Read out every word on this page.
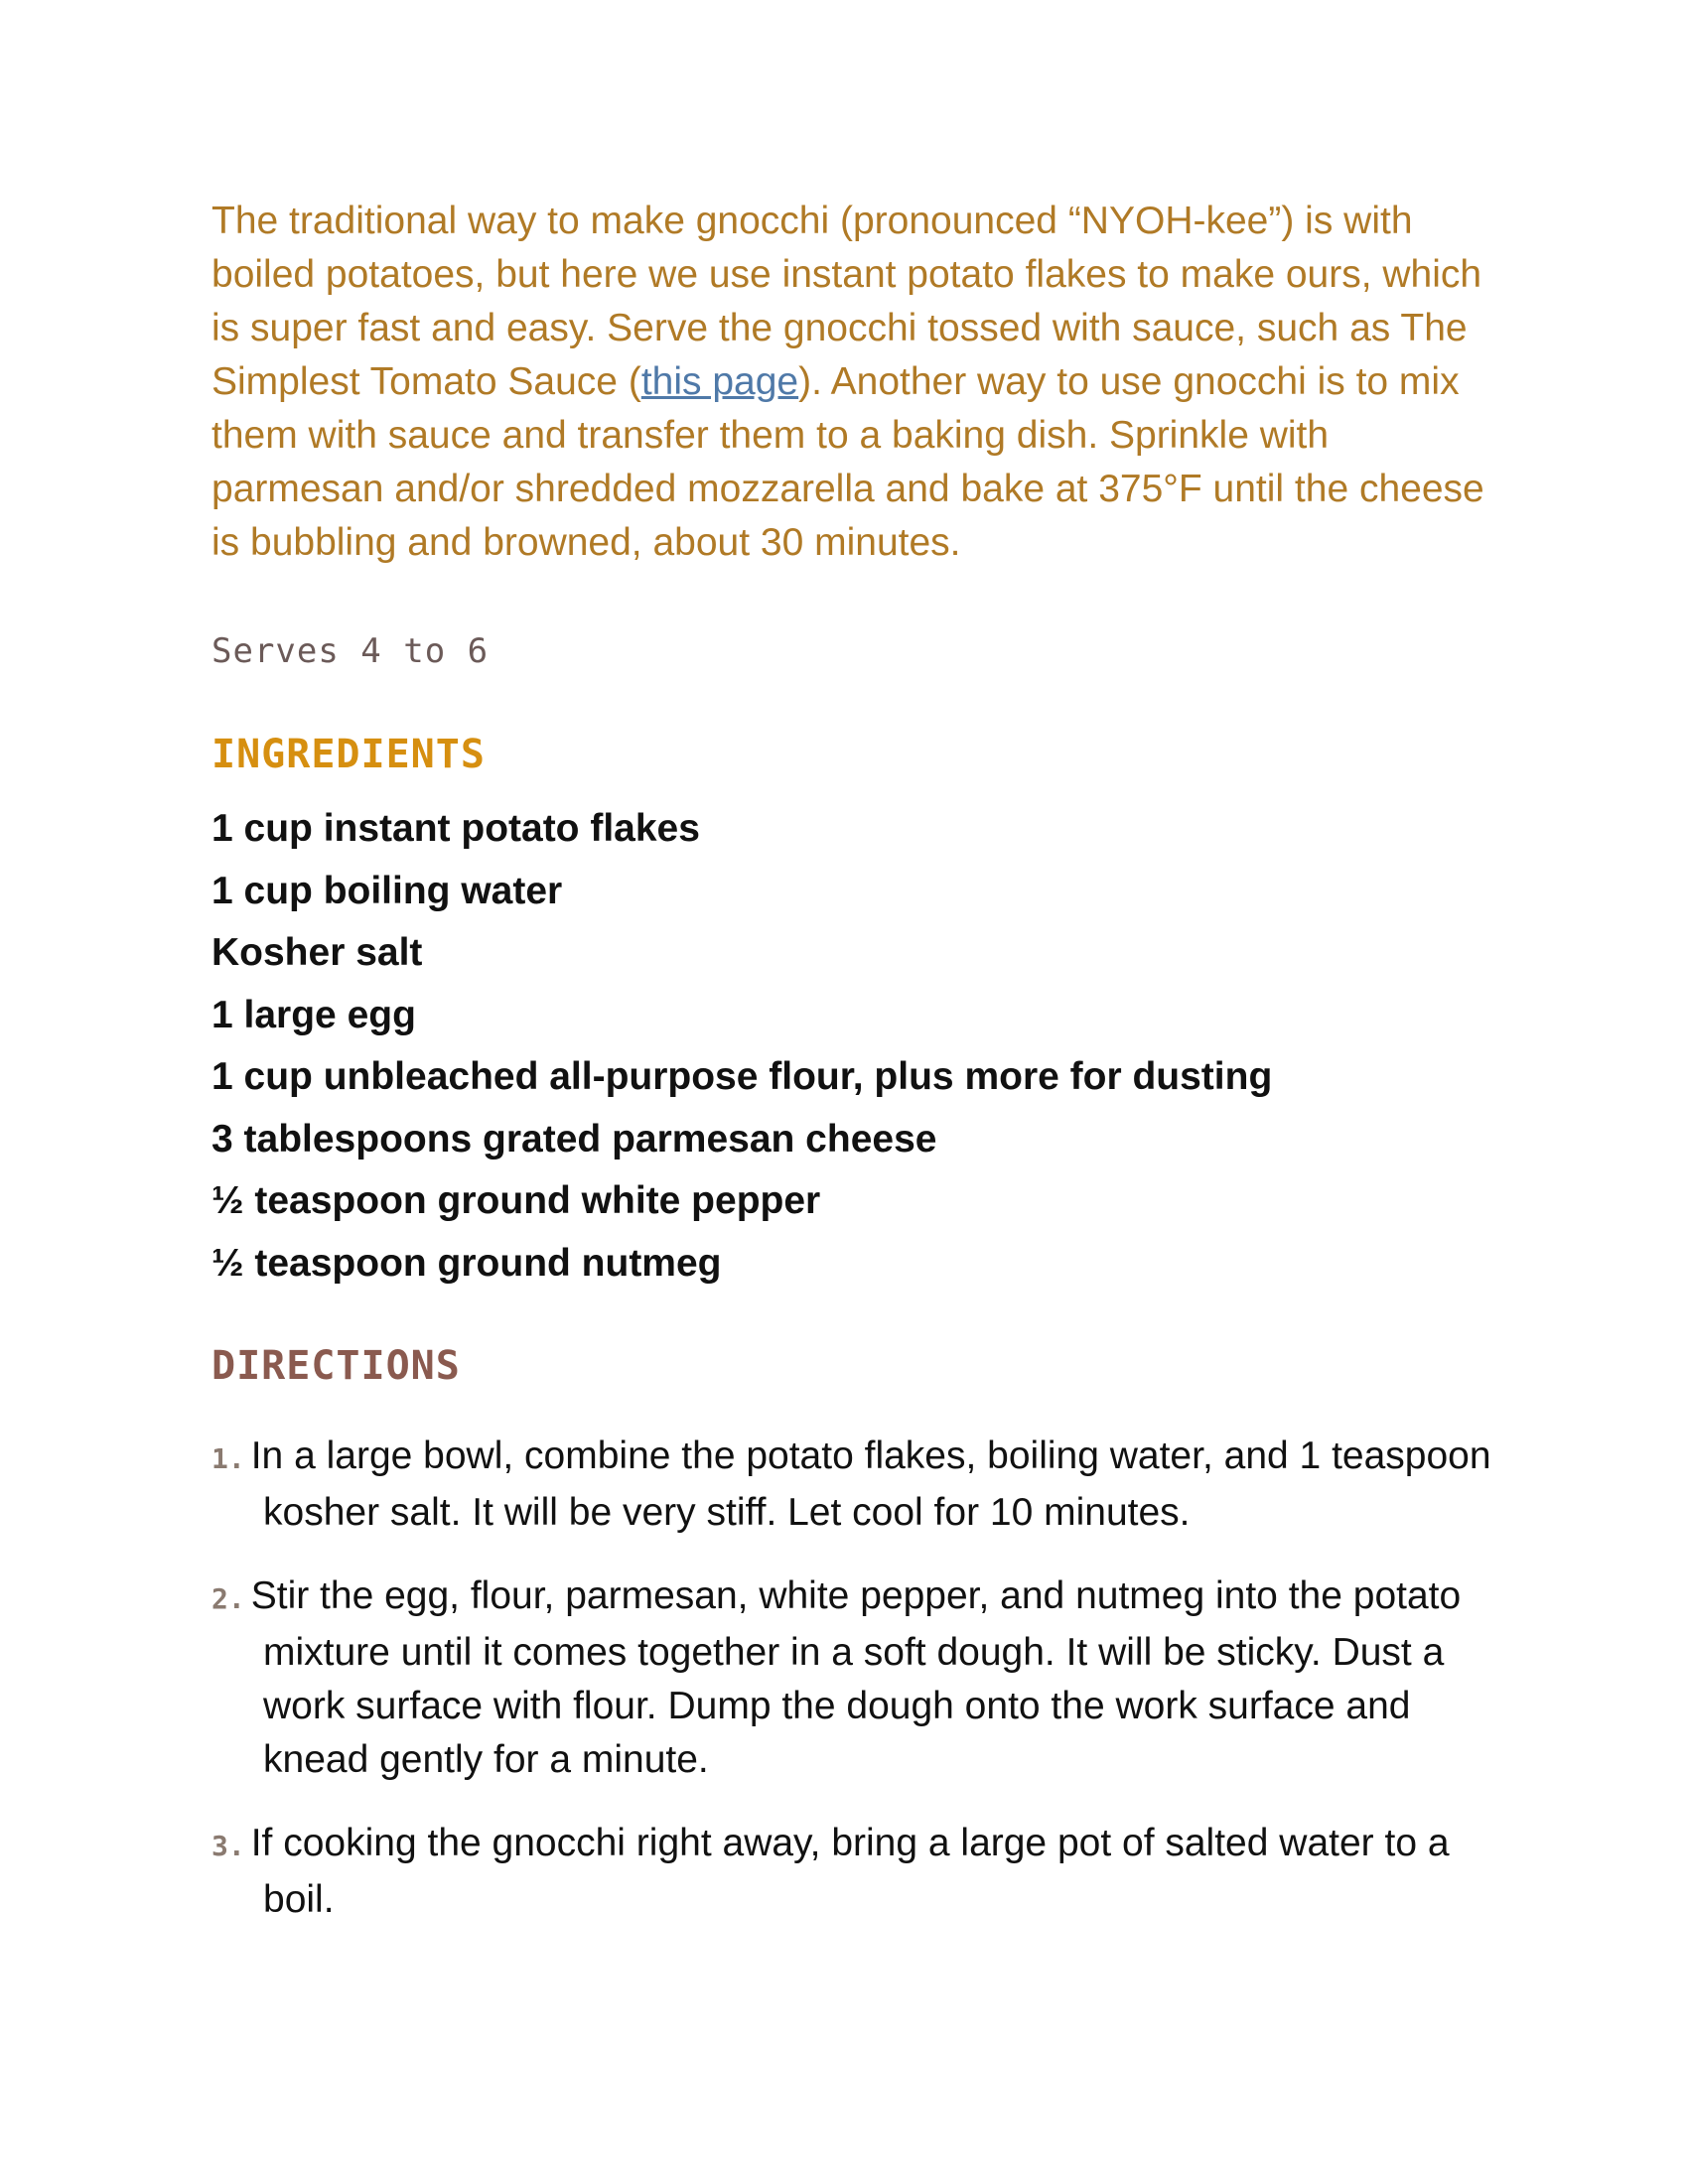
The traditional way to make gnocchi (pronounced “NYOH-kee”) is with boiled potatoes, but here we use instant potato flakes to make ours, which is super fast and easy. Serve the gnocchi tossed with sauce, such as The Simplest Tomato Sauce (this page). Another way to use gnocchi is to mix them with sauce and transfer them to a baking dish. Sprinkle with parmesan and/or shredded mozzarella and bake at 375°F until the cheese is bubbling and browned, about 30 minutes.

Serves 4 to 6
INGREDIENTS
1 cup instant potato flakes
1 cup boiling water
Kosher salt
1 large egg
1 cup unbleached all-purpose flour, plus more for dusting
3 tablespoons grated parmesan cheese
½ teaspoon ground white pepper
½ teaspoon ground nutmeg
DIRECTIONS
1. In a large bowl, combine the potato flakes, boiling water, and 1 teaspoon kosher salt. It will be very stiff. Let cool for 10 minutes.
2. Stir the egg, flour, parmesan, white pepper, and nutmeg into the potato mixture until it comes together in a soft dough. It will be sticky. Dust a work surface with flour. Dump the dough onto the work surface and knead gently for a minute.
3. If cooking the gnocchi right away, bring a large pot of salted water to a boil.
